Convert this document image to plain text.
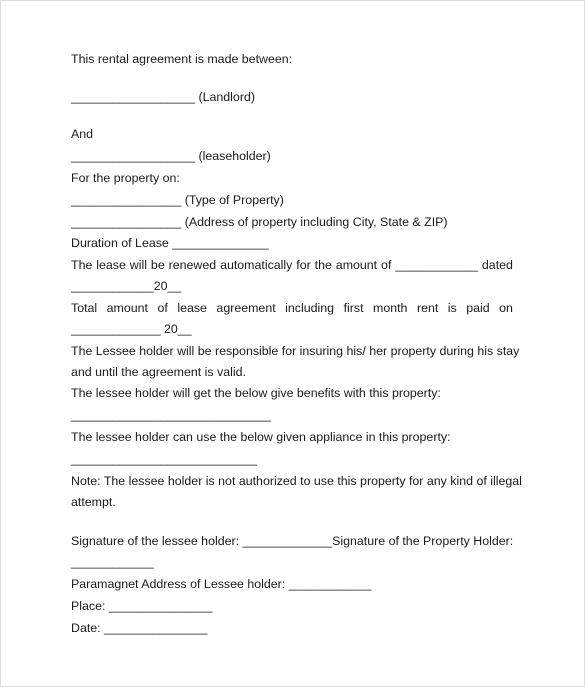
This rental agreement is made between:

__________________ (Landlord)

And

__________________ (leaseholder)

For the property on:

________________ (Type of Property)

________________ (Address of property including City, State & ZIP)

Duration of Lease ______________

The lease will be renewed automatically for the amount of ____________ dated

____________20__

Total amount of lease agreement including first month rent is paid on

_____________ 20__

The Lessee holder will be responsible for insuring his/ her property during his stay

and until the agreement is valid.

The lessee holder will get the below give benefits with this property:

_____________________________

The lessee holder can use the below given appliance in this property:

___________________________

Note: The lessee holder is not authorized to use this property for any kind of illegal

attempt.

Signature of the lessee holder: _____________ Signature of the Property Holder:

____________

Paramagnet Address of Lessee holder: ____________

Place: _______________

Date: _______________
